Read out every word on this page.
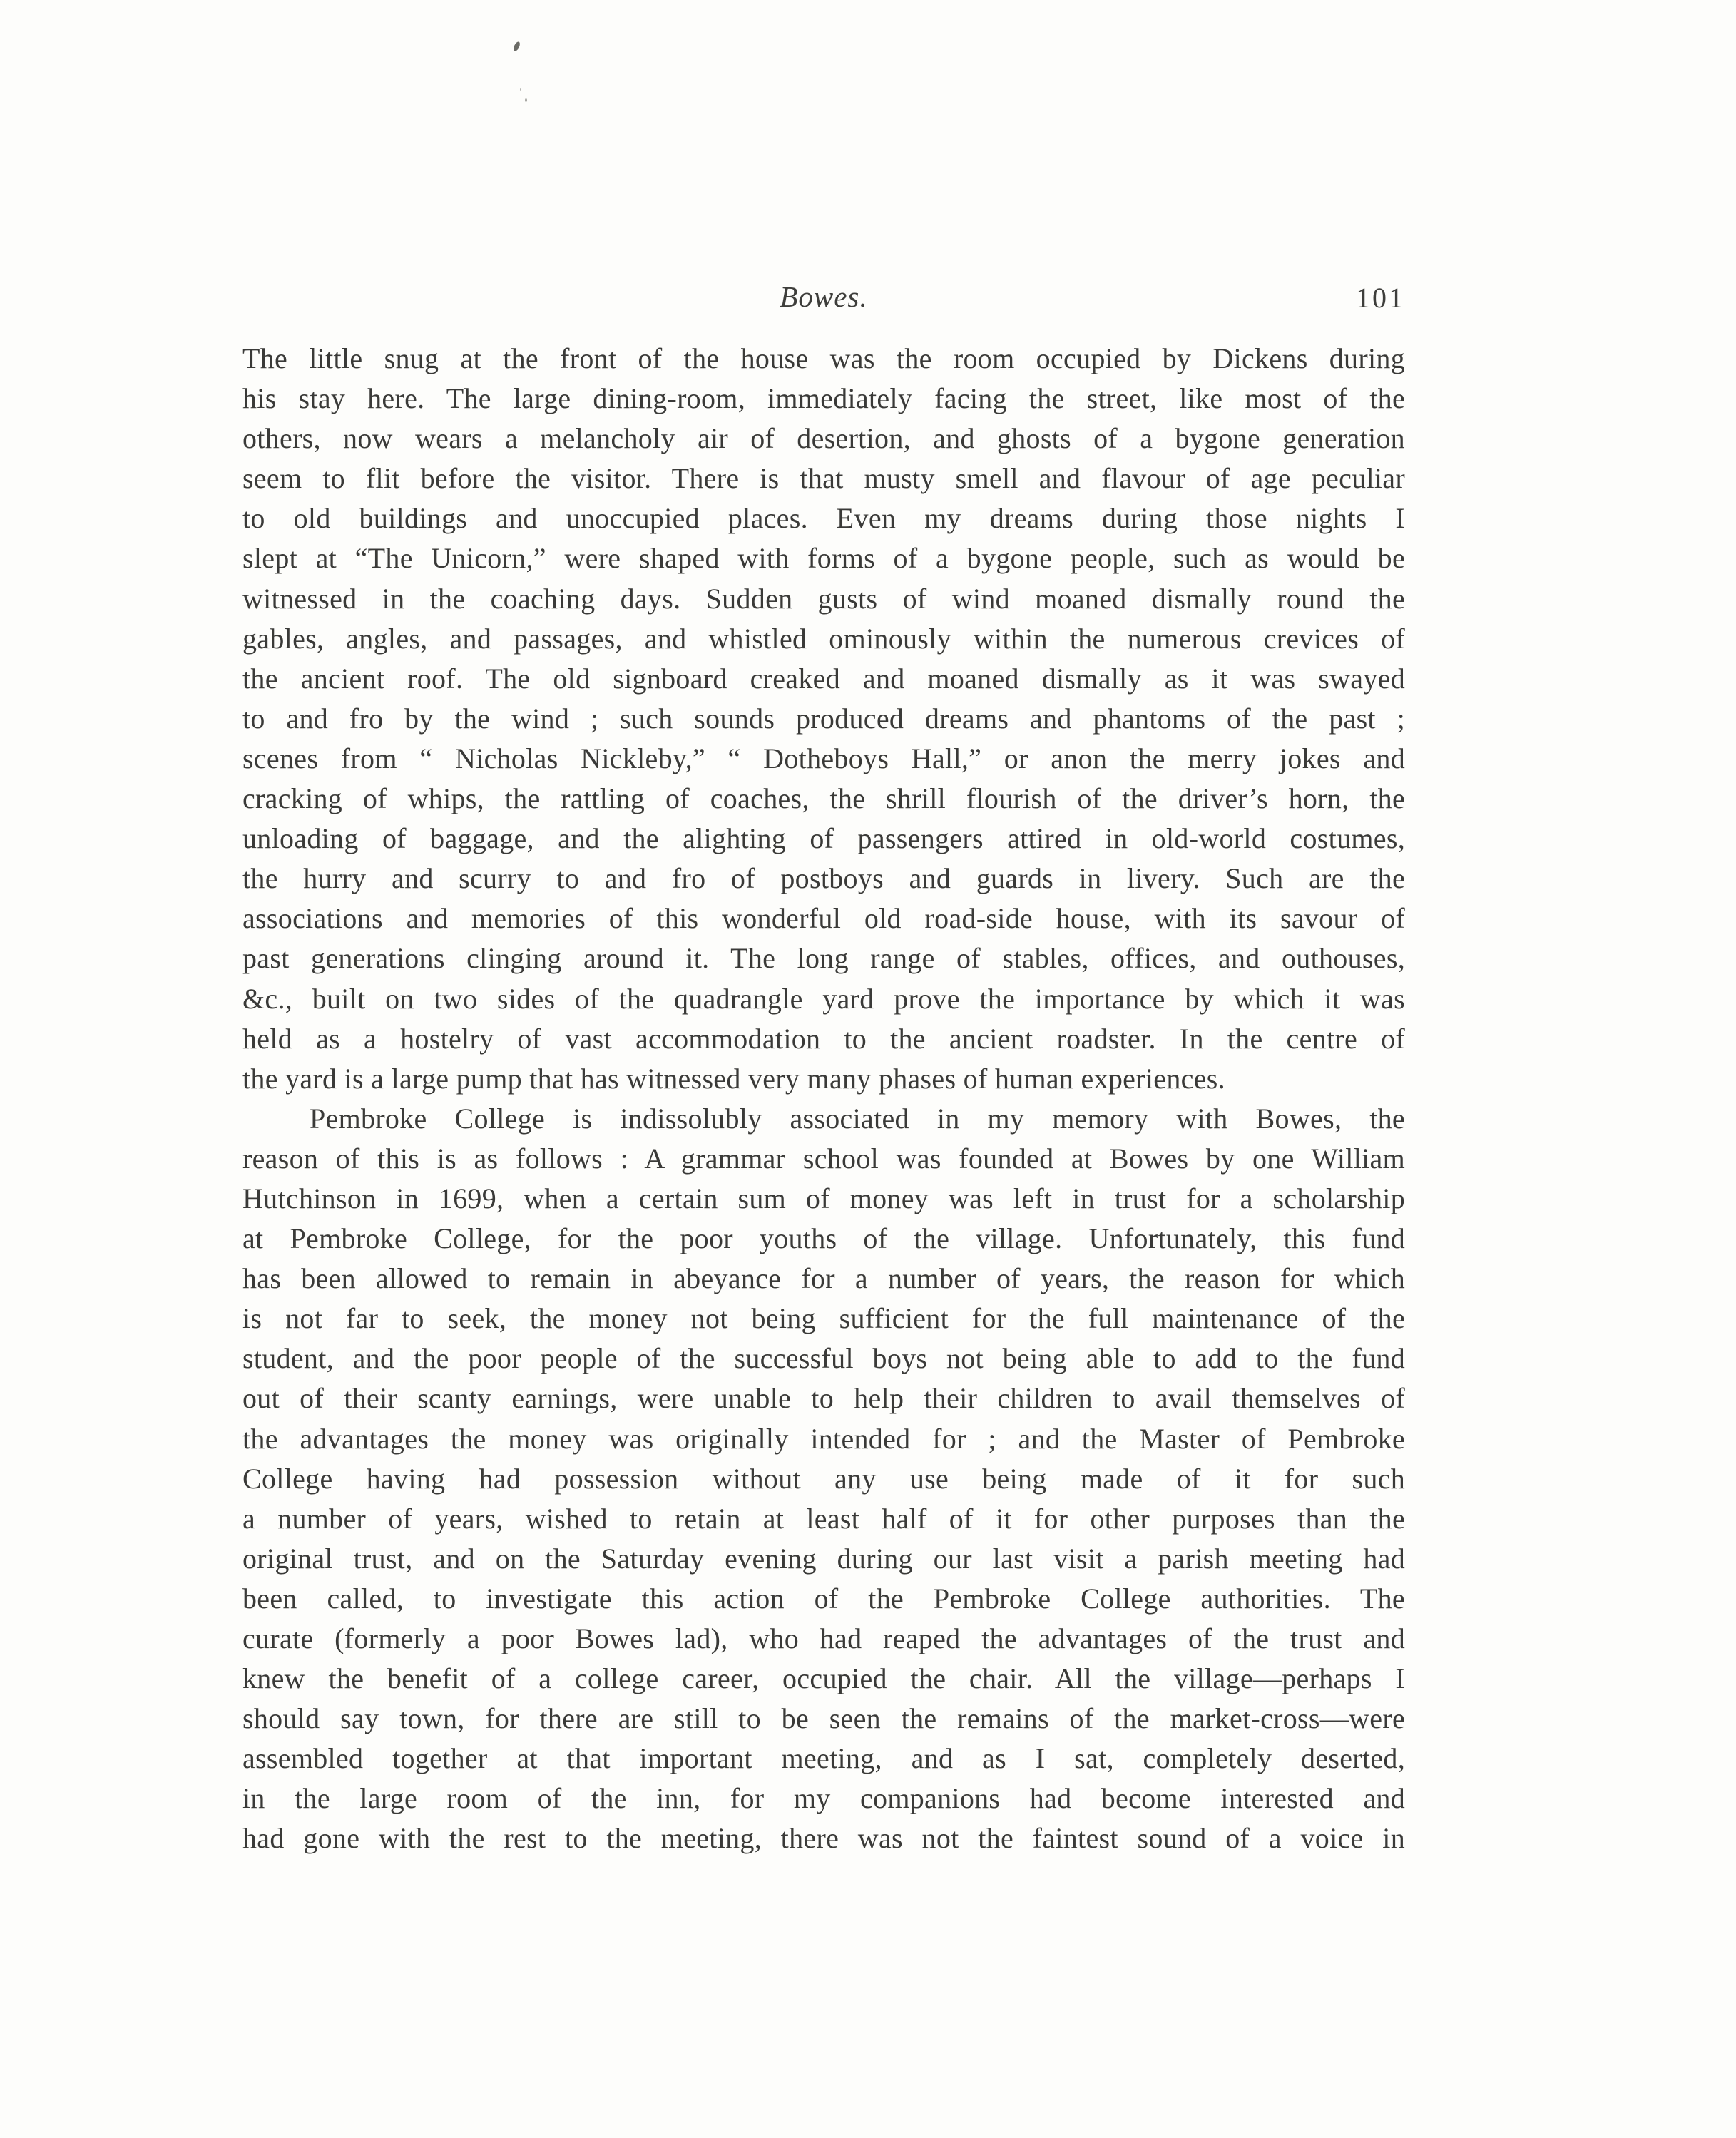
Bowes.	101

The little snug at the front of the house was the room occupied by Dickens during
his stay here. The large dining-room, immediately facing the street, like most of the
others, now wears a melancholy air of desertion, and ghosts of a bygone generation
seem to flit before the visitor. There is that musty smell and flavour of age peculiar
to old buildings and unoccupied places. Even my dreams during those nights I
slept at “The Unicorn,” were shaped with forms of a bygone people, such as would be
witnessed in the coaching days. Sudden gusts of wind moaned dismally round the
gables, angles, and passages, and whistled ominously within the numerous crevices of
the ancient roof. The old signboard creaked and moaned dismally as it was swayed
to and fro by the wind ; such sounds produced dreams and phantoms of the past ;
scenes from “ Nicholas Nickleby,” “ Dotheboys Hall,” or anon the merry jokes and
cracking of whips, the rattling of coaches, the shrill flourish of the driver’s horn, the
unloading of baggage, and the alighting of passengers attired in old-world costumes,
the hurry and scurry to and fro of postboys and guards in livery. Such are the
associations and memories of this wonderful old road-side house, with its savour of
past generations clinging around it. The long range of stables, offices, and outhouses,
&c., built on two sides of the quadrangle yard prove the importance by which it was
held as a hostelry of vast accommodation to the ancient roadster. In the centre of
the yard is a large pump that has witnessed very many phases of human experiences.

Pembroke College is indissolubly associated in my memory with Bowes, the
reason of this is as follows : A grammar school was founded at Bowes by one William
Hutchinson in 1699, when a certain sum of money was left in trust for a scholarship
at Pembroke College, for the poor youths of the village. Unfortunately, this fund
has been allowed to remain in abeyance for a number of years, the reason for which
is not far to seek, the money not being sufficient for the full maintenance of the
student, and the poor people of the successful boys not being able to add to the fund
out of their scanty earnings, were unable to help their children to avail themselves of
the advantages the money was originally intended for ; and the Master of Pembroke
College having had possession without any use being made of it for such
a number of years, wished to retain at least half of it for other purposes than the
original trust, and on the Saturday evening during our last visit a parish meeting had
been called, to investigate this action of the Pembroke College authorities. The
curate (formerly a poor Bowes lad), who had reaped the advantages of the trust and
knew the benefit of a college career, occupied the chair. All the village—perhaps I
should say town, for there are still to be seen the remains of the market-cross—were
assembled together at that important meeting, and as I sat, completely deserted,
in the large room of the inn, for my companions had become interested and
had gone with the rest to the meeting, there was not the faintest sound of a voice in
